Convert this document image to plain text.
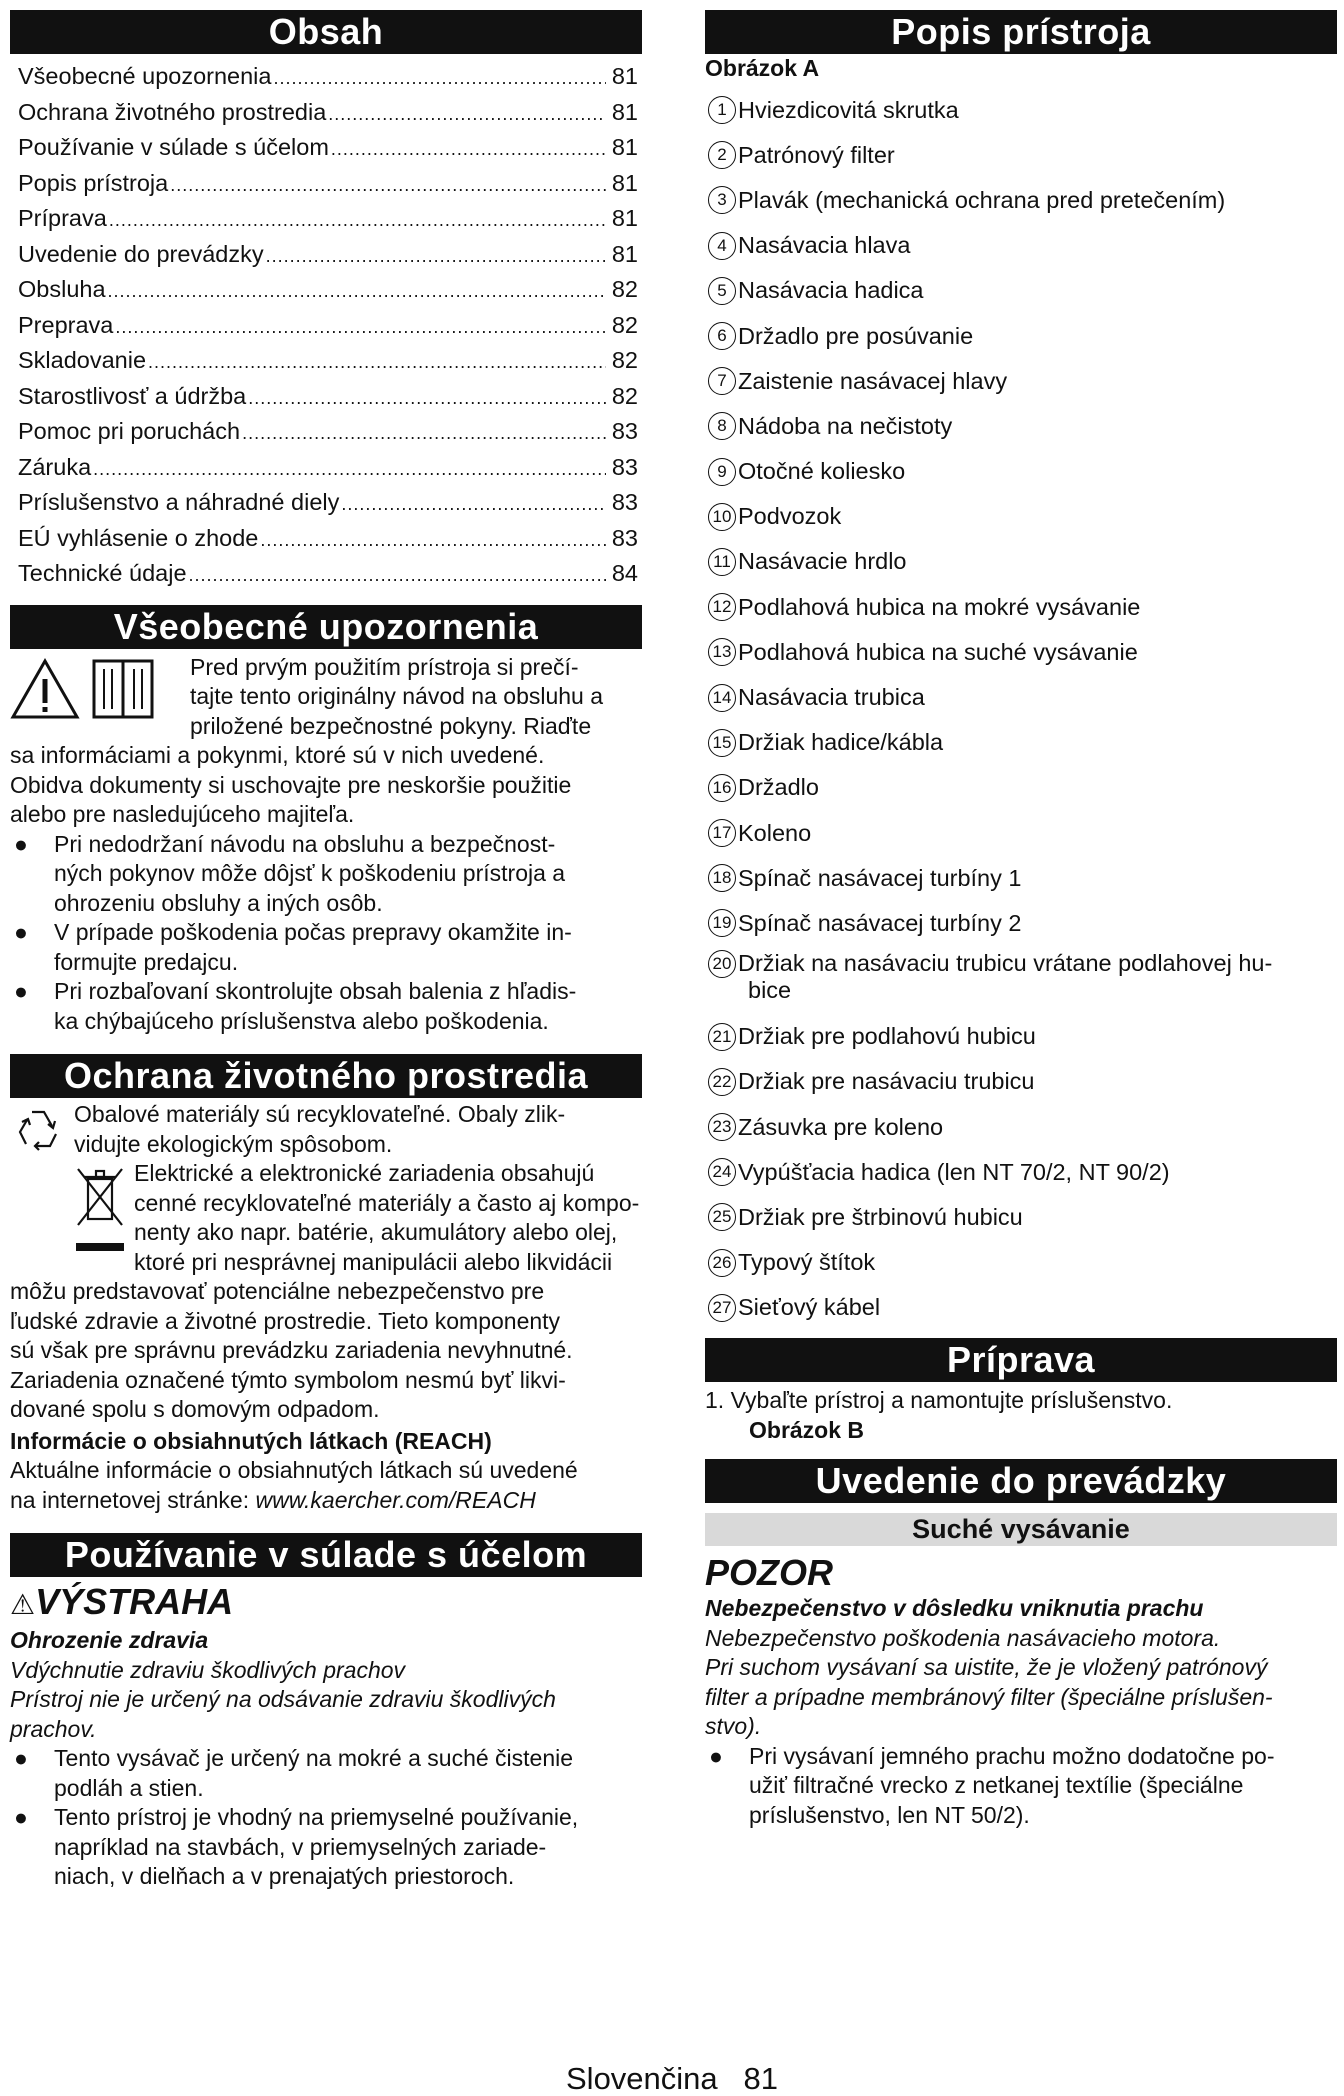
Obsah
Všeobecné upozornenia .....	81
Ochrana životného prostredia .....	81
Používanie v súlade s účelom .....	81
Popis prístroja .....	81
Príprava .....	81
Uvedenie do prevádzky .....	81
Obsluha .....	82
Preprava .....	82
Skladovanie .....	82
Starostlivosť a údržba .....	82
Pomoc pri poruchách .....	83
Záruka .....	83
Príslušenstvo a náhradné diely .....	83
EÚ vyhlásenie o zhode .....	83
Technické údaje .....	84
Všeobecné upozornenia

Pred prvým použitím prístroja si prečí-

tajte tento originálny návod na obsluhu a

priložené bezpečnostné pokyny. Riaďte

sa informáciami a pokynmi, ktoré sú v nich uvedené.

Obidva dokumenty si uschovajte pre neskoršie použitie

alebo pre nasledujúceho majiteľa.

●	Pri nedodržaní návodu na obsluhu a bezpečnost-

ných pokynov môže dôjsť k poškodeniu prístroja a

ohrozeniu obsluhy a iných osôb.

●	V prípade poškodenia počas prepravy okamžite in-

formujte predajcu.

●	Pri rozbaľovaní skontrolujte obsah balenia z hľadis-

ka chýbajúceho príslušenstva alebo poškodenia.

Ochrana životného prostredia

Obalové materiály sú recyklovateľné. Obaly zlik-

vidujte ekologickým spôsobom.

Elektrické a elektronické zariadenia obsahujú

cenné recyklovateľné materiály a často aj kompo-

nenty ako napr. batérie, akumulátory alebo olej,

ktoré pri nesprávnej manipulácii alebo likvidácii

môžu predstavovať potenciálne nebezpečenstvo pre

ľudské zdravie a životné prostredie. Tieto komponenty

sú však pre správnu prevádzku zariadenia nevyhnutné.

Zariadenia označené týmto symbolom nesmú byť likvi-

dované spolu s domovým odpadom.

Informácie o obsiahnutých látkach (REACH)

Aktuálne informácie o obsiahnutých látkach sú uvedené

na internetovej stránke: www.kaercher.com/REACH

Používanie v súlade s účelom
⚠VÝSTRAHA

Ohrozenie zdravia

Vdýchnutie zdraviu škodlivých prachov

Prístroj nie je určený na odsávanie zdraviu škodlivých

prachov.

●	Tento vysávač je určený na mokré a suché čistenie

podláh a stien.

●	Tento prístroj je vhodný na priemyselné používanie,

napríklad na stavbách, v priemyselných zariade-

niach, v dielňach a v prenajatých priestoroch.

Popis prístroja

Obrázok A

1 Hviezdicovitá skrutka
2 Patrónový filter
3 Plavák (mechanická ochrana pred pretečením)
4 Nasávacia hlava
5 Nasávacia hadica
6 Držadlo pre posúvanie
7 Zaistenie nasávacej hlavy
8 Nádoba na nečistoty
9 Otočné koliesko
10 Podvozok
11 Nasávacie hrdlo
12 Podlahová hubica na mokré vysávanie
13 Podlahová hubica na suché vysávanie
14 Nasávacia trubica
15 Držiak hadice/kábla
16 Držadlo
17 Koleno
18 Spínač nasávacej turbíny 1
19 Spínač nasávacej turbíny 2
20 Držiak na nasávaciu trubicu vrátane podlahovej hu-
bice
21 Držiak pre podlahovú hubicu
22 Držiak pre nasávaciu trubicu
23 Zásuvka pre koleno
24 Vypúšťacia hadica (len NT 70/2, NT 90/2)
25 Držiak pre štrbinovú hubicu
26 Typový štítok
27 Sieťový kábel
Príprava

1. Vybaľte prístroj a namontujte príslušenstvo.

Obrázok B

Uvedenie do prevádzky
Suché vysávanie
POZOR

Nebezpečenstvo v dôsledku vniknutia prachu

Nebezpečenstvo poškodenia nasávacieho motora.

Pri suchom vysávaní sa uistite, že je vložený patrónový

filter a prípadne membránový filter (špeciálne príslušen-

stvo).

●	Pri vysávaní jemného prachu možno dodatočne po-

užiť filtračné vrecko z netkanej textílie (špeciálne

príslušenstvo, len NT 50/2).

Slovenčina 81
